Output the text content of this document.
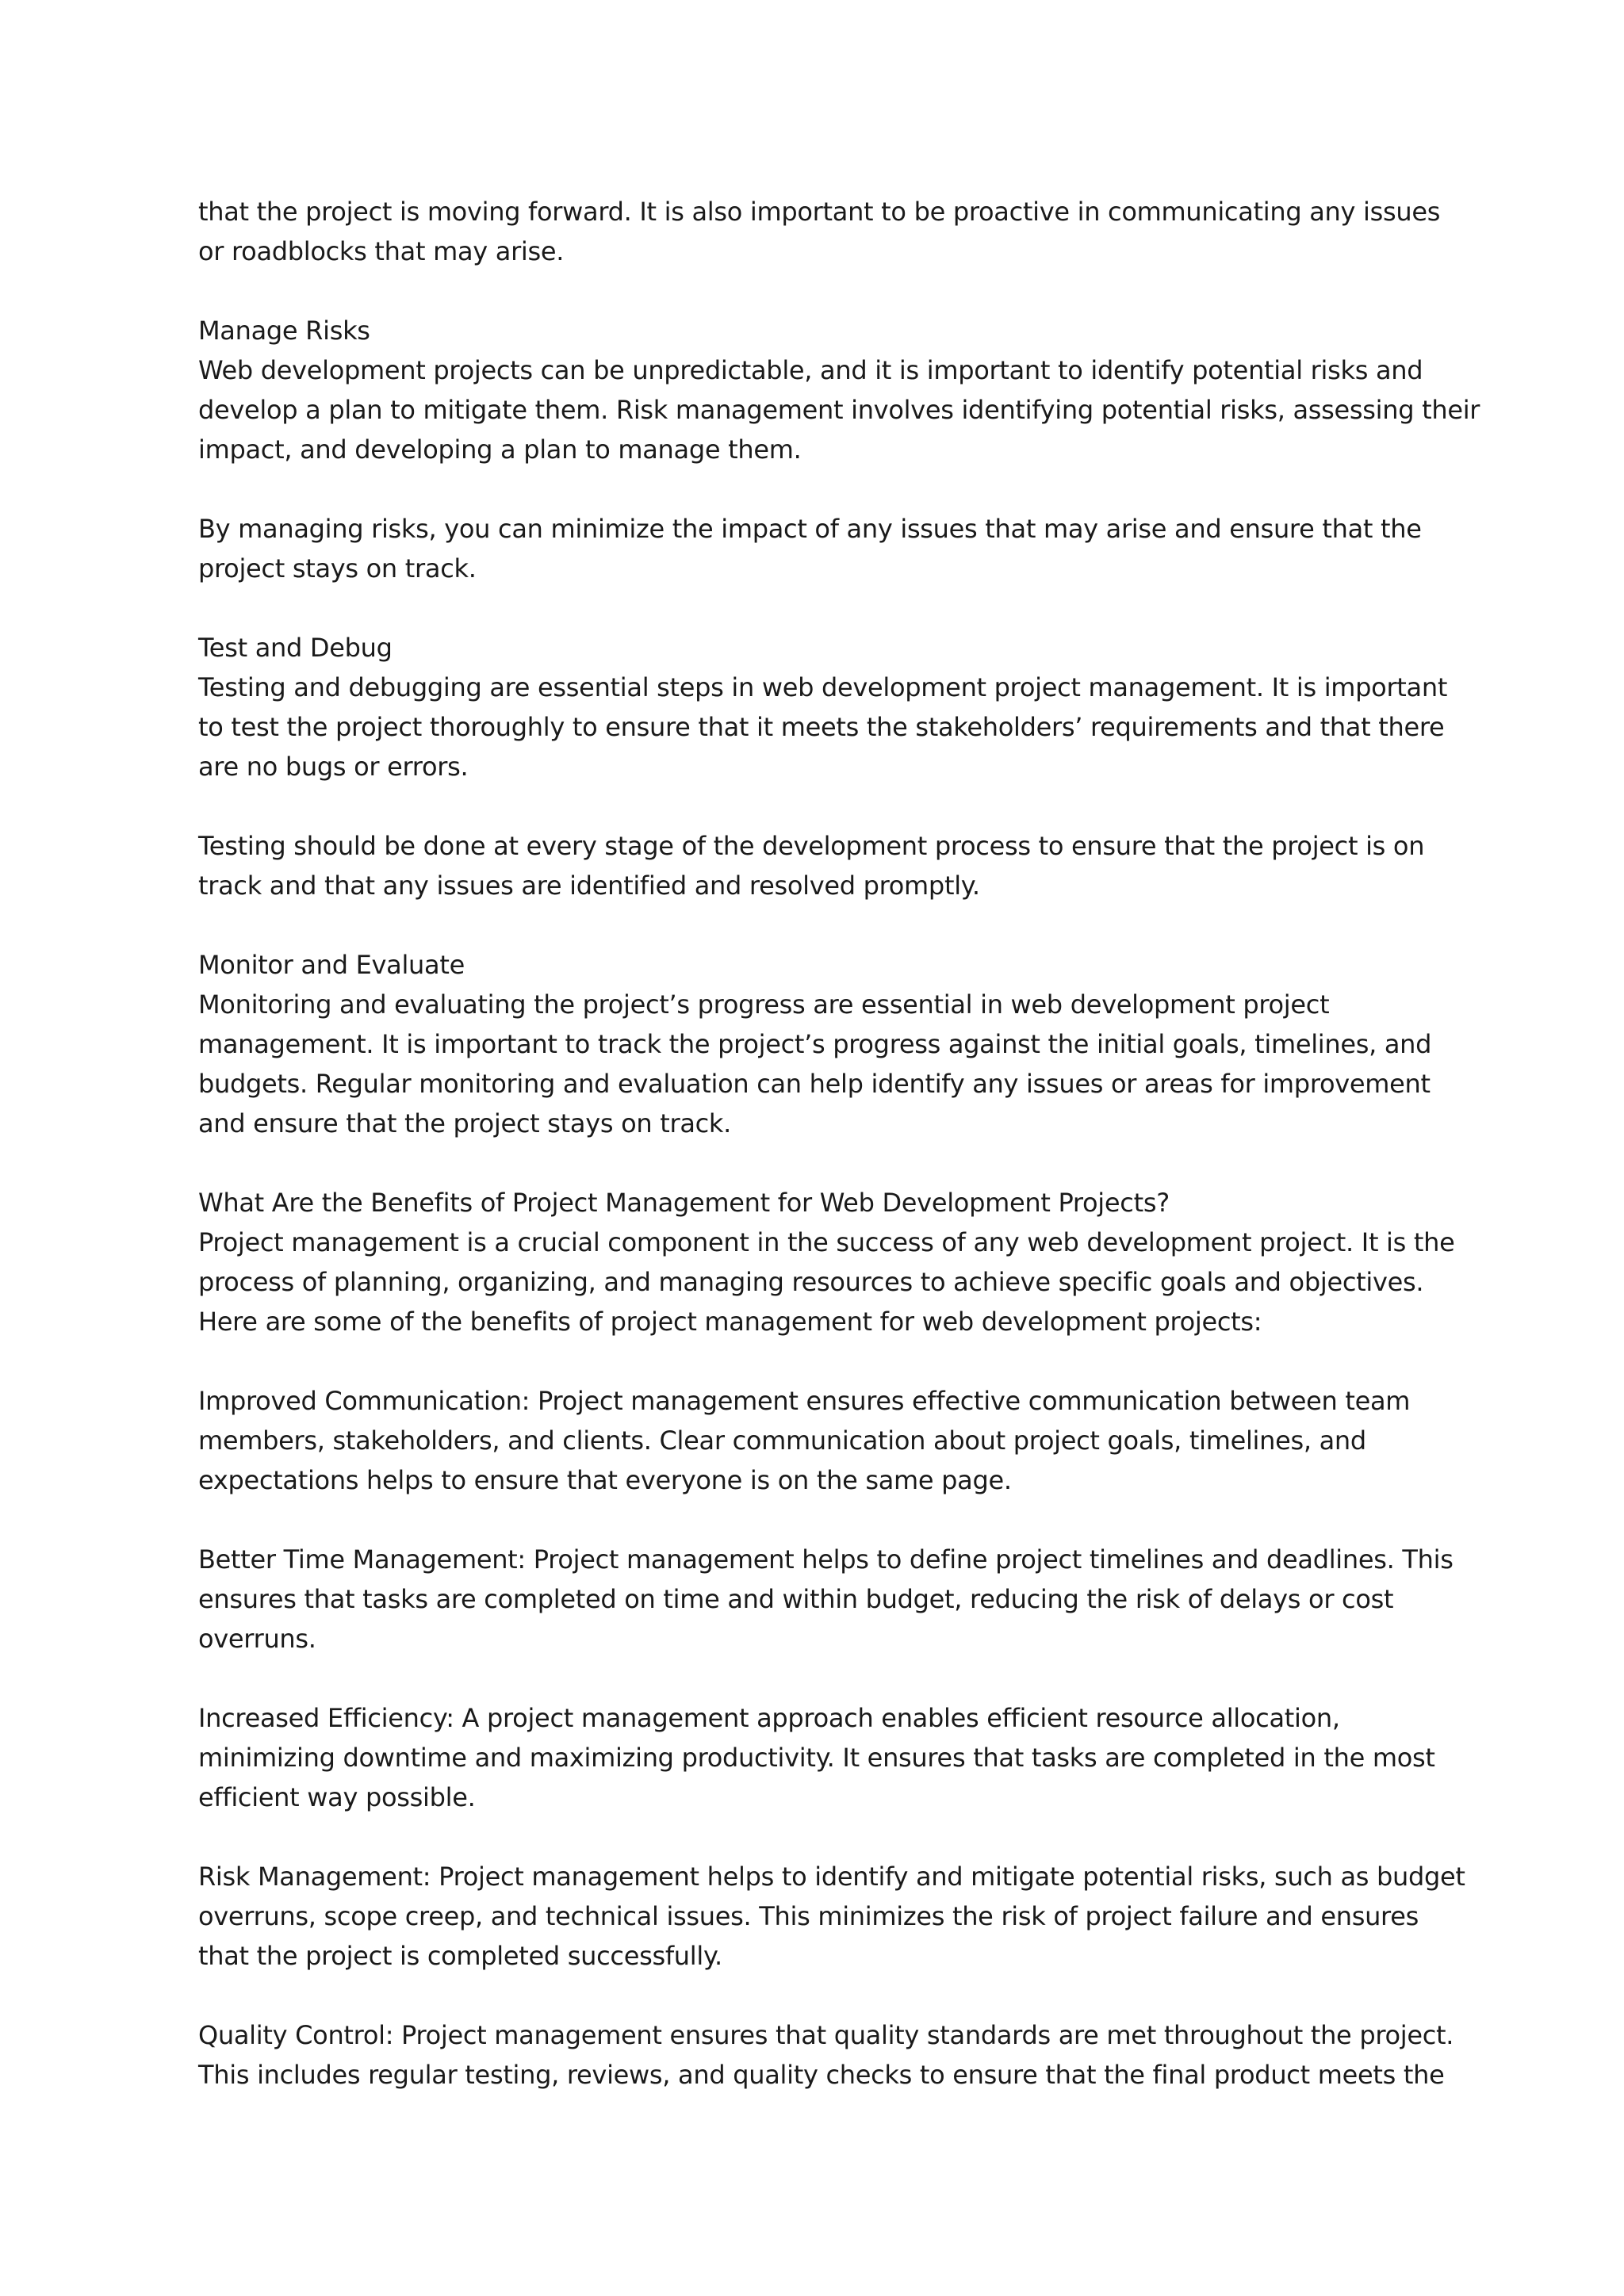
that the project is moving forward. It is also important to be proactive in communicating any issues
or roadblocks that may arise.

Manage Risks
Web development projects can be unpredictable, and it is important to identify potential risks and
develop a plan to mitigate them. Risk management involves identifying potential risks, assessing their
impact, and developing a plan to manage them.

By managing risks, you can minimize the impact of any issues that may arise and ensure that the
project stays on track.

Test and Debug
Testing and debugging are essential steps in web development project management. It is important
to test the project thoroughly to ensure that it meets the stakeholders’ requirements and that there
are no bugs or errors.

Testing should be done at every stage of the development process to ensure that the project is on
track and that any issues are identified and resolved promptly.

Monitor and Evaluate
Monitoring and evaluating the project’s progress are essential in web development project
management. It is important to track the project’s progress against the initial goals, timelines, and
budgets. Regular monitoring and evaluation can help identify any issues or areas for improvement
and ensure that the project stays on track.

What Are the Benefits of Project Management for Web Development Projects?
Project management is a crucial component in the success of any web development project. It is the
process of planning, organizing, and managing resources to achieve specific goals and objectives.
Here are some of the benefits of project management for web development projects:

Improved Communication: Project management ensures effective communication between team
members, stakeholders, and clients. Clear communication about project goals, timelines, and
expectations helps to ensure that everyone is on the same page.

Better Time Management: Project management helps to define project timelines and deadlines. This
ensures that tasks are completed on time and within budget, reducing the risk of delays or cost
overruns.

Increased Efficiency: A project management approach enables efficient resource allocation,
minimizing downtime and maximizing productivity. It ensures that tasks are completed in the most
efficient way possible.

Risk Management: Project management helps to identify and mitigate potential risks, such as budget
overruns, scope creep, and technical issues. This minimizes the risk of project failure and ensures
that the project is completed successfully.

Quality Control: Project management ensures that quality standards are met throughout the project.
This includes regular testing, reviews, and quality checks to ensure that the final product meets the
